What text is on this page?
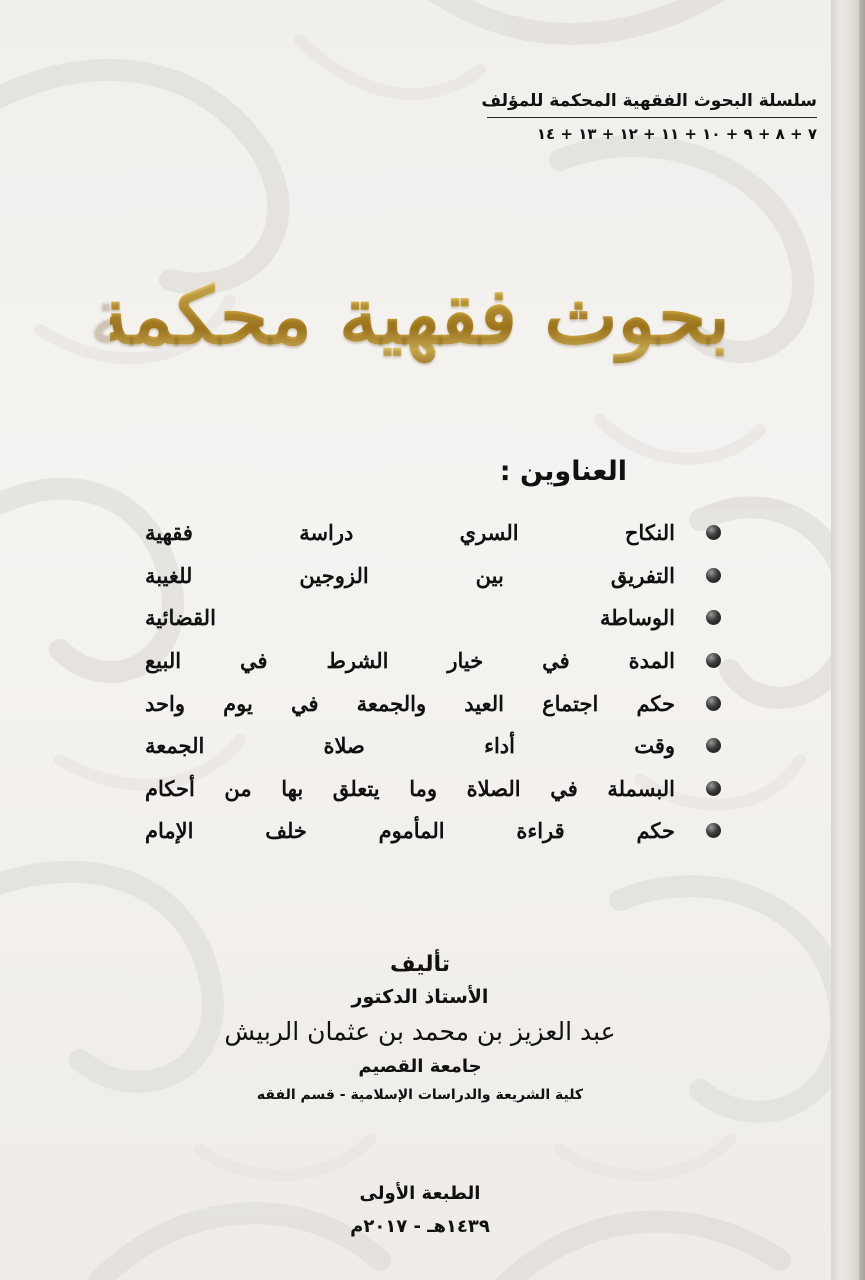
سلسلة البحوث الفقهية المحكمة للمؤلف
٧ + ٨ + ٩ + ١٠ + ١١ + ١٢ + ١٣ + ١٤
بحوث فقهية محكمة
العناوين :
النكاح السري دراسة فقهية
التفريق بين الزوجين للغيبة
الوساطة القضائية
المدة في خيار الشرط في البيع
حكم اجتماع العيد والجمعة في يوم واحد
وقت أداء صلاة الجمعة
البسملة في الصلاة وما يتعلق بها من أحكام
حكم قراءة المأموم خلف الإمام
تأليف
الأستاذ الدكتور
عبد العزيز بن محمد بن عثمان الربيش
جامعة القصيم
كلية الشريعة والدراسات الإسلامية - قسم الفقه
الطبعة الأولى
١٤٣٩هـ - ٢٠١٧م
